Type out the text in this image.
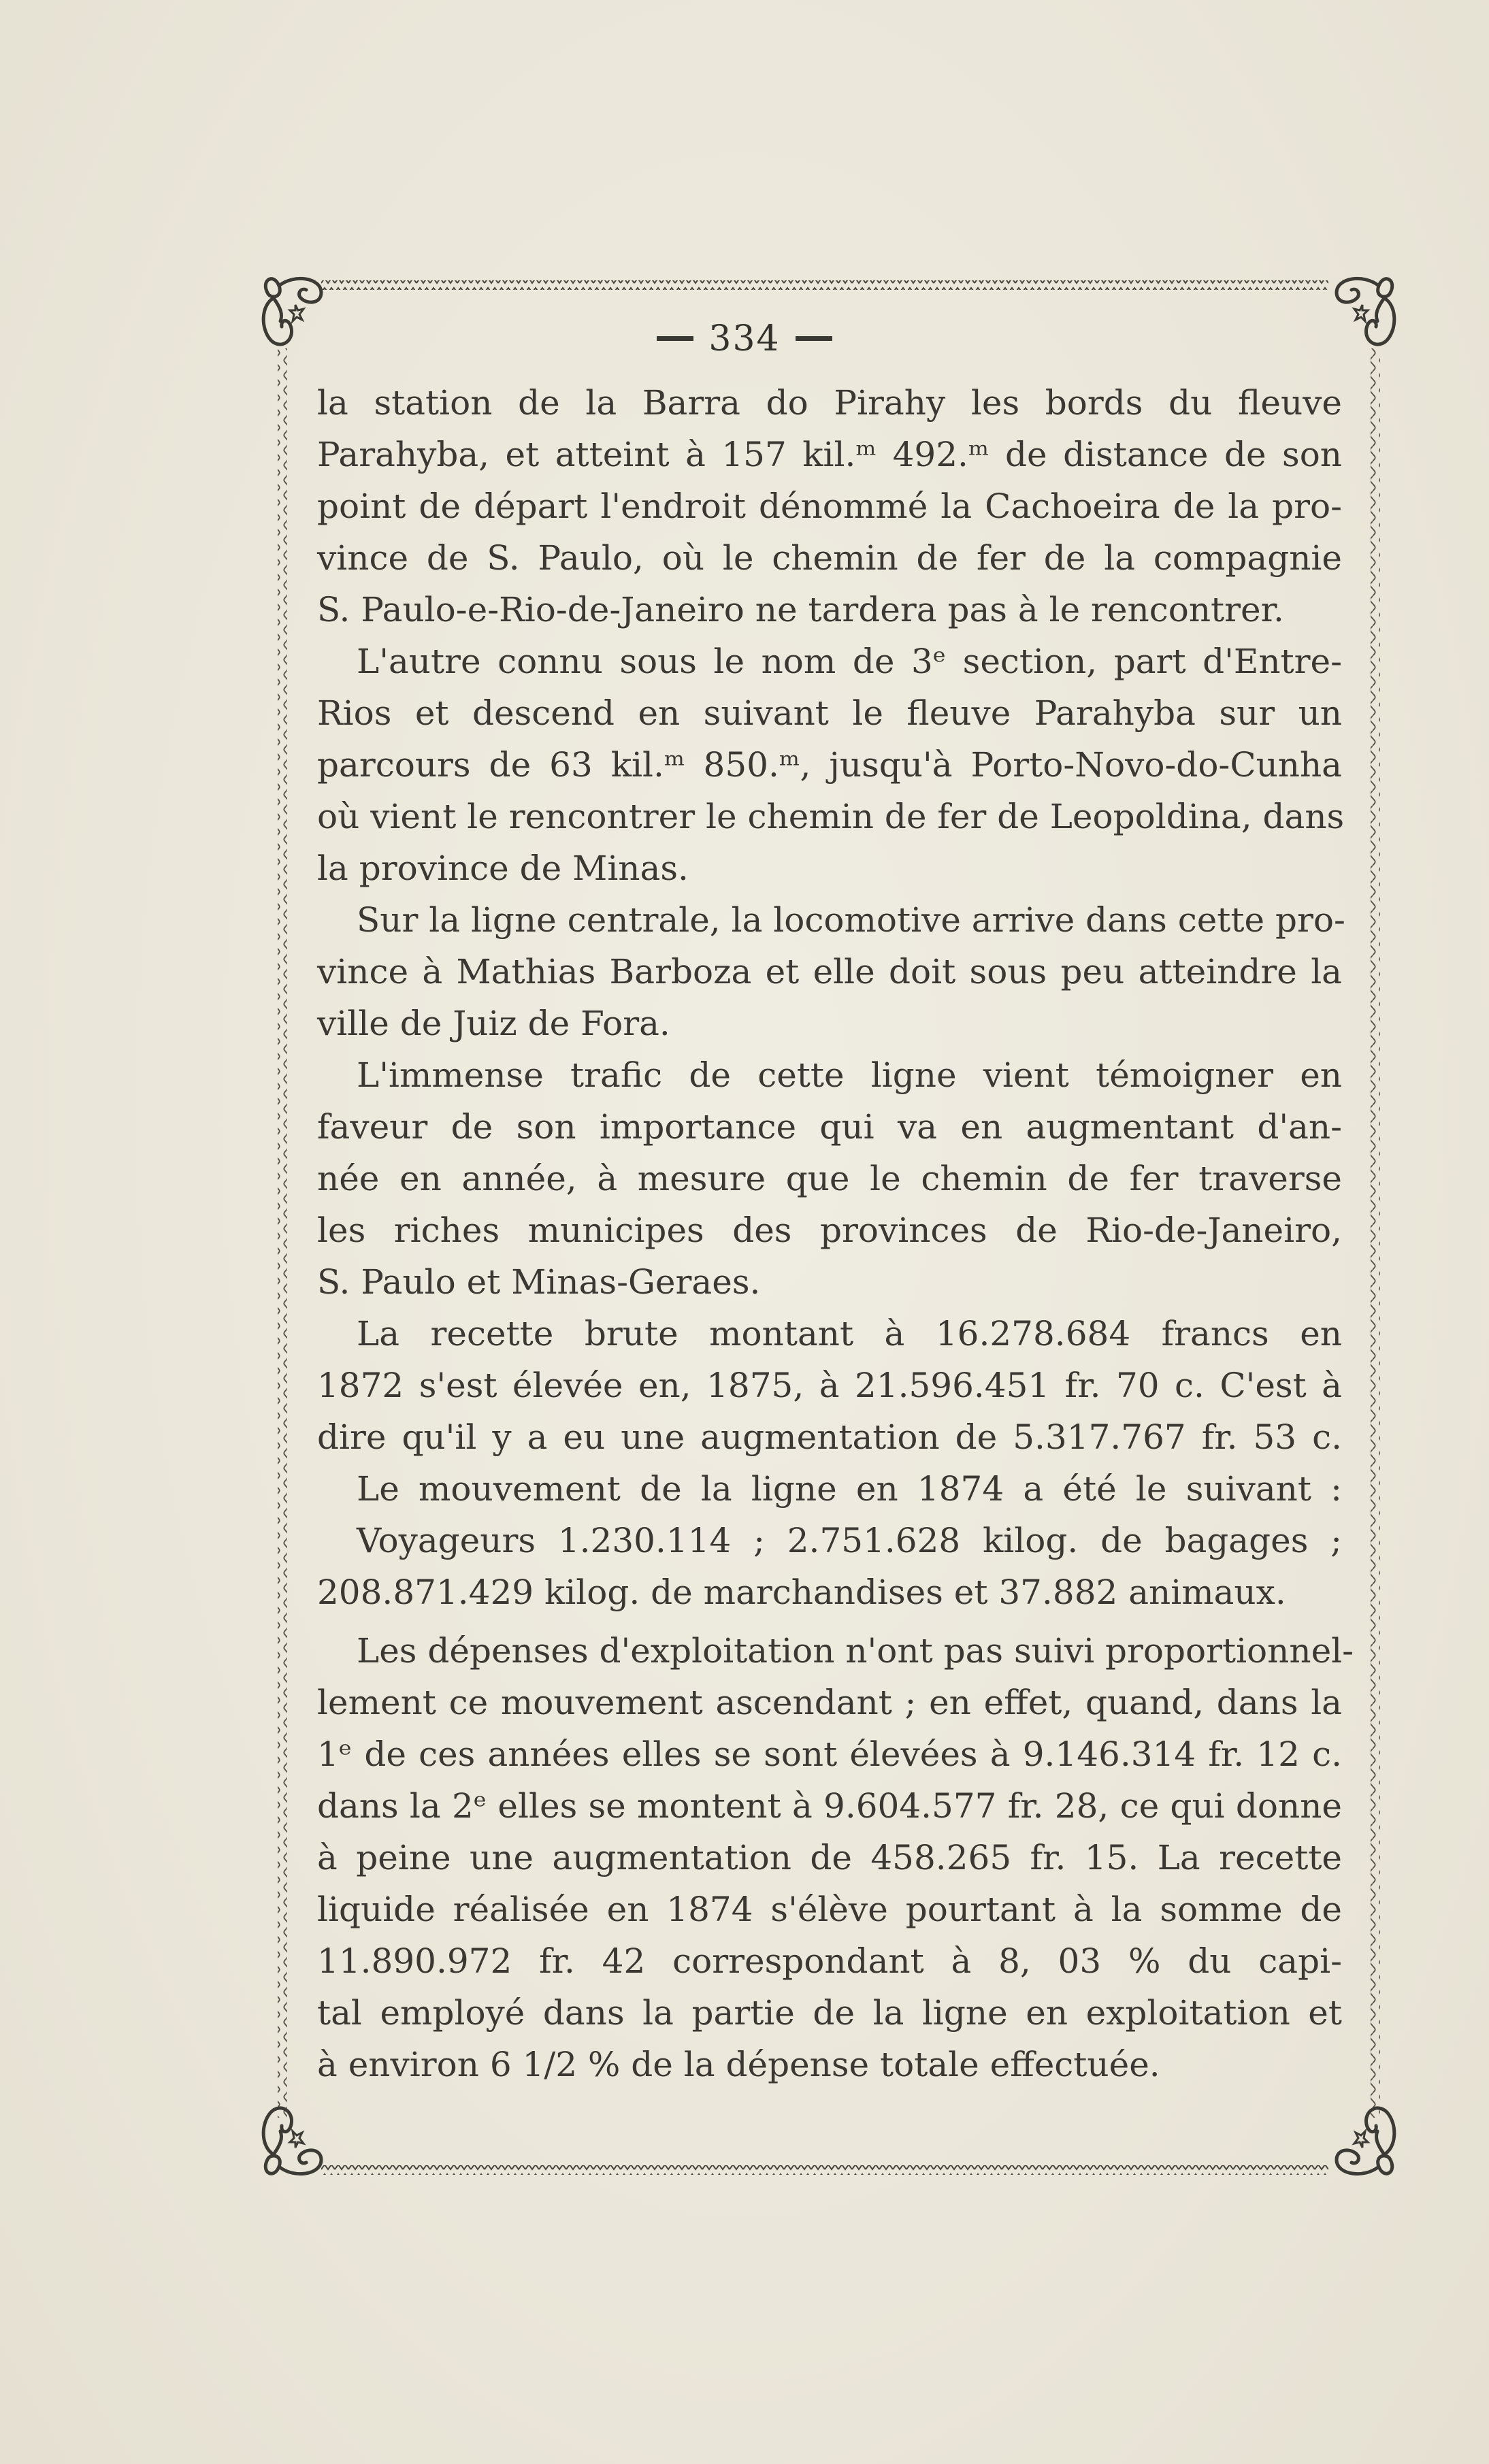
334
la station de la Barra do Pirahy les bords du fleuve
Parahyba, et atteint à 157 kil.ᵐ 492.ᵐ de distance de son
point de départ l'endroit dénommé la Cachoeira de la pro-
vince de S. Paulo, où le chemin de fer de la compagnie
S. Paulo-e-Rio-de-Janeiro ne tardera pas à le rencontrer.
L'autre connu sous le nom de 3ᵉ section, part d'Entre-
Rios et descend en suivant le fleuve Parahyba sur un
parcours de 63 kil.ᵐ 850.ᵐ, jusqu'à Porto-Novo-do-Cunha
où vient le rencontrer le chemin de fer de Leopoldina, dans
la province de Minas.
Sur la ligne centrale, la locomotive arrive dans cette pro-
vince à Mathias Barboza et elle doit sous peu atteindre la
ville de Juiz de Fora.
L'immense trafic de cette ligne vient témoigner en
faveur de son importance qui va en augmentant d'an-
née en année, à mesure que le chemin de fer traverse
les riches municipes des provinces de Rio-de-Janeiro,
S. Paulo et Minas-Geraes.
La recette brute montant à 16.278.684 francs en
1872 s'est élevée en, 1875, à 21.596.451 fr. 70 c. C'est à
dire qu'il y a eu une augmentation de 5.317.767 fr. 53 c.
Le mouvement de la ligne en 1874 a été le suivant :
Voyageurs 1.230.114 ; 2.751.628 kilog. de bagages ;
208.871.429 kilog. de marchandises et 37.882 animaux.
Les dépenses d'exploitation n'ont pas suivi proportionnel-
lement ce mouvement ascendant ; en effet, quand, dans la
1ᵉ de ces années elles se sont élevées à 9.146.314 fr. 12 c.
dans la 2ᵉ elles se montent à 9.604.577 fr. 28, ce qui donne
à peine une augmentation de 458.265 fr. 15. La recette
liquide réalisée en 1874 s'élève pourtant à la somme de
11.890.972 fr. 42 correspondant à 8, 03 % du capi-
tal employé dans la partie de la ligne en exploitation et
à environ 6 1/2 % de la dépense totale effectuée.
